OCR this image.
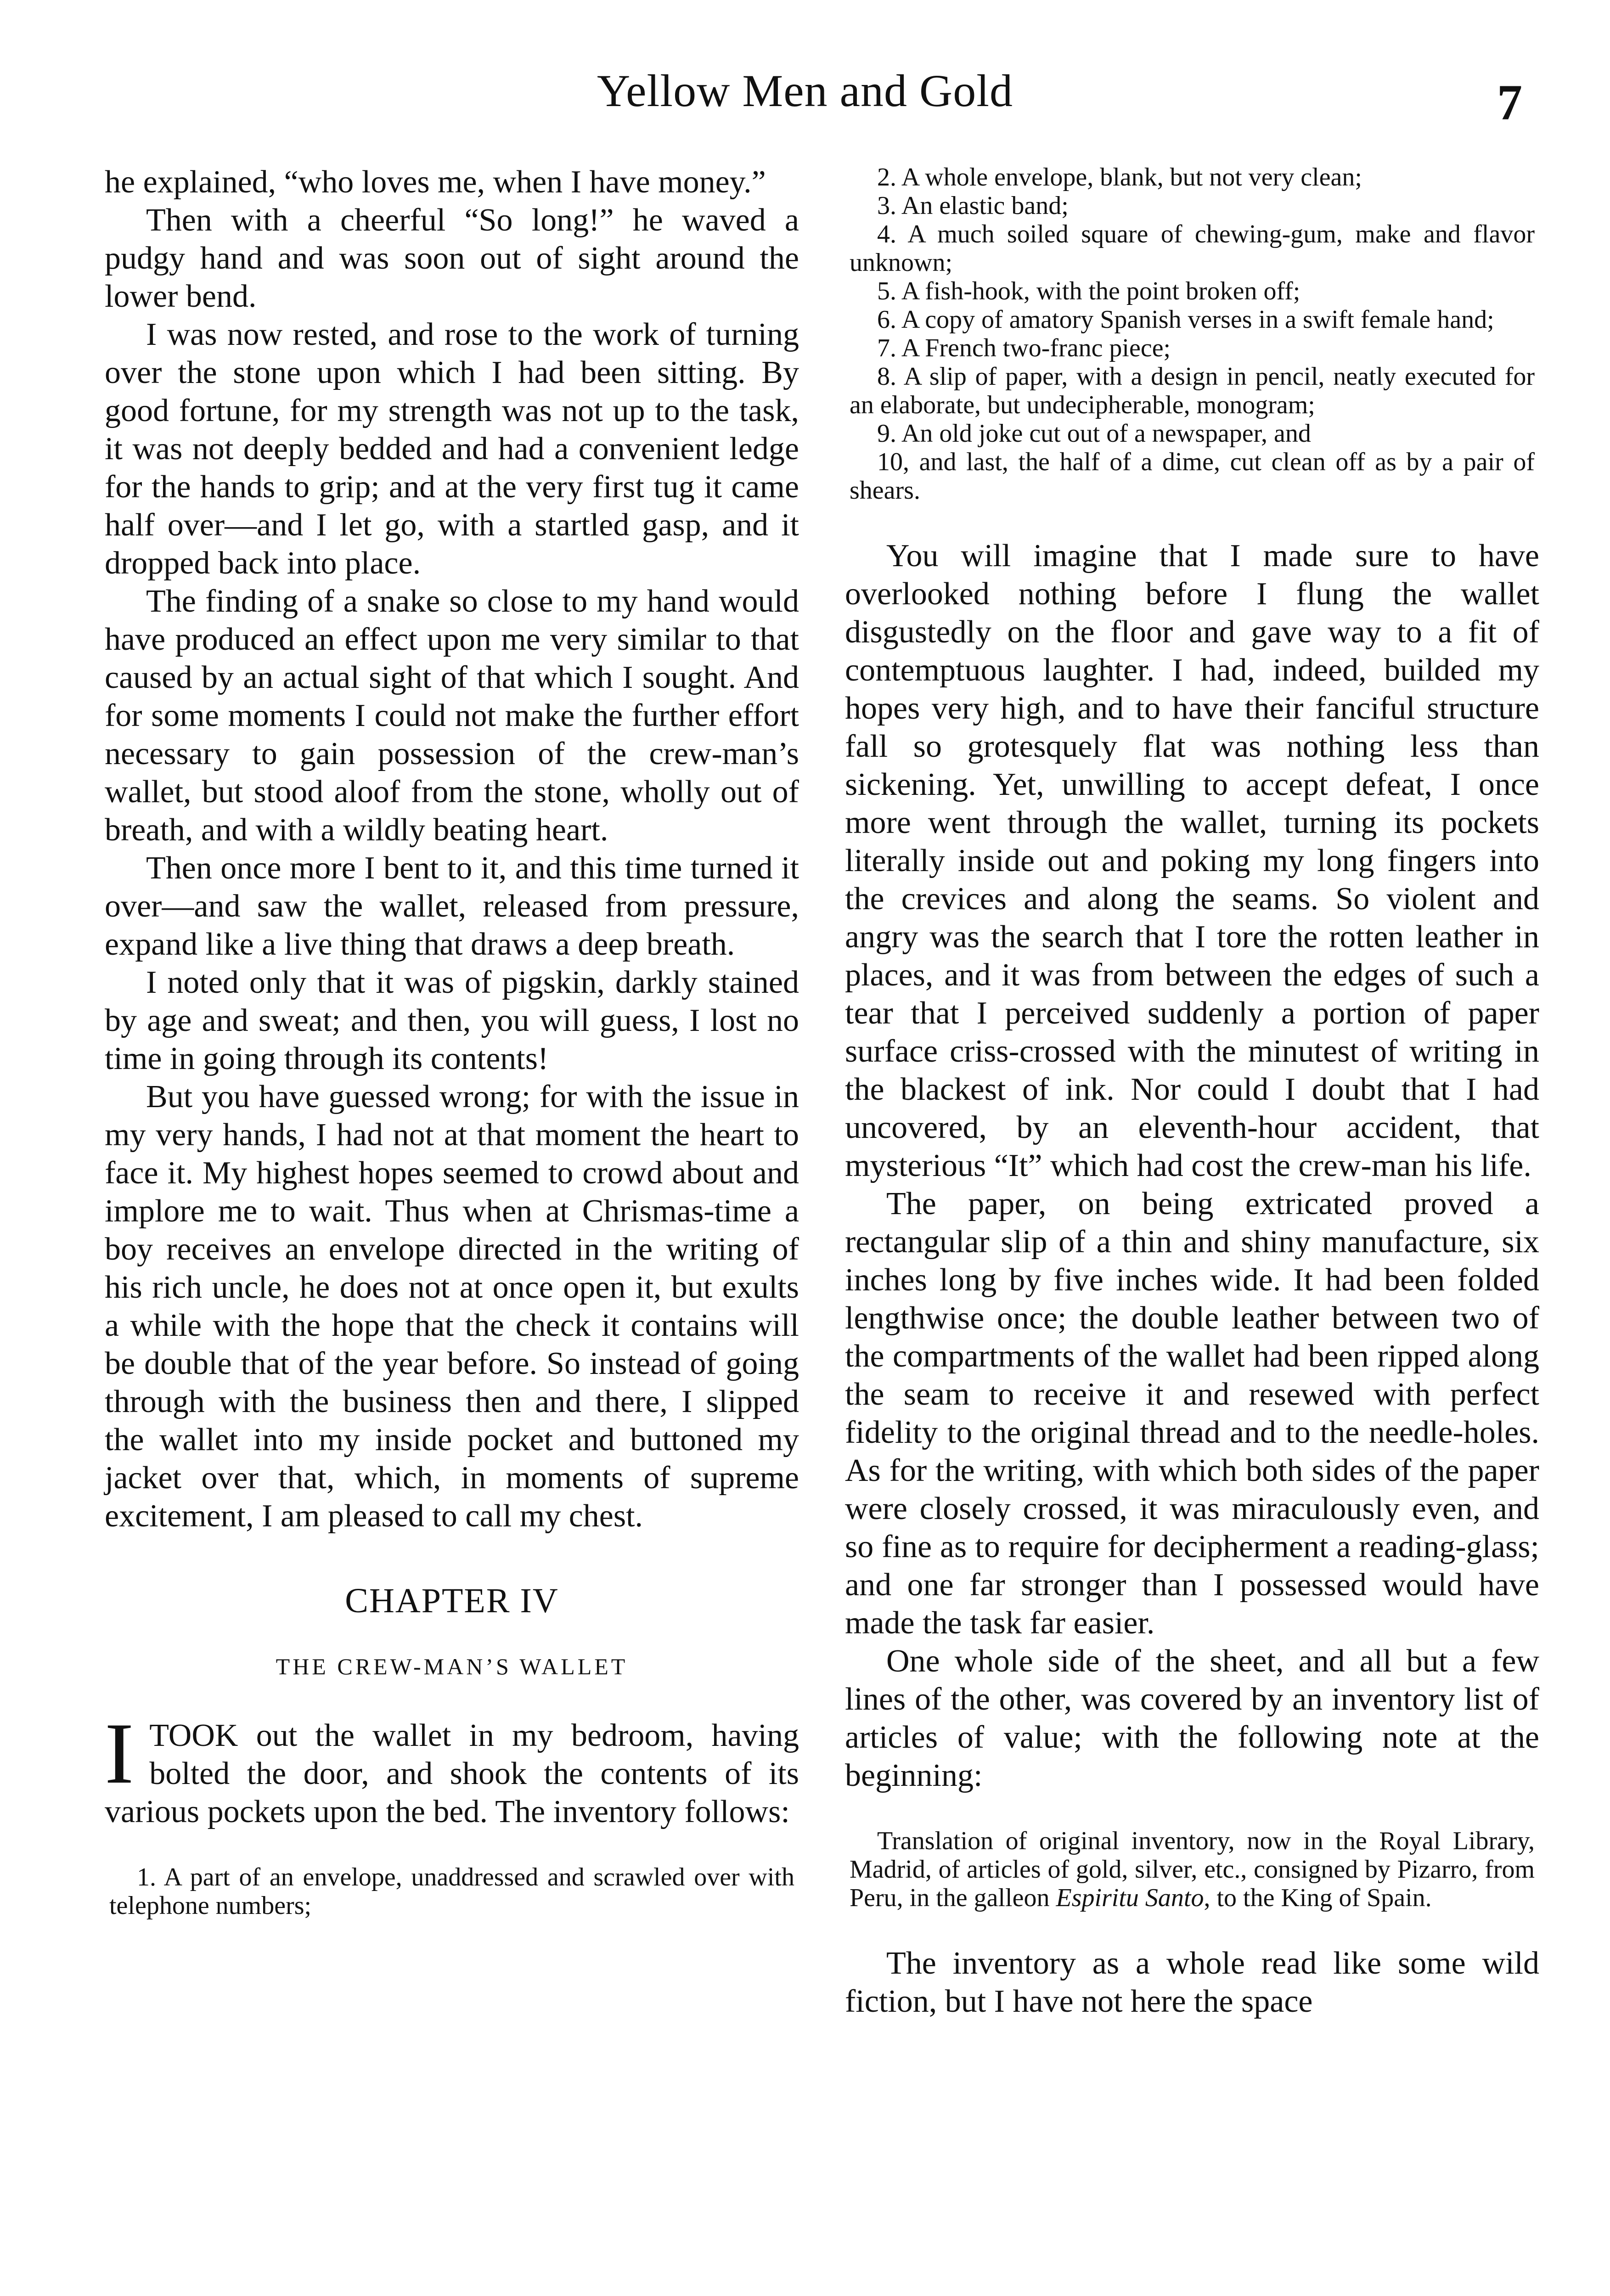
Yellow Men and Gold	7

he explained, “who loves me, when I have money.”

Then with a cheerful “So long!” he waved a pudgy hand and was soon out of sight around the lower bend.

I was now rested, and rose to the work of turning over the stone upon which I had been sitting. By good fortune, for my strength was not up to the task, it was not deeply bedded and had a convenient ledge for the hands to grip; and at the very first tug it came half over—and I let go, with a startled gasp, and it dropped back into place.

The finding of a snake so close to my hand would have produced an effect upon me very similar to that caused by an actual sight of that which I sought. And for some moments I could not make the further effort necessary to gain possession of the crew-man’s wallet, but stood aloof from the stone, wholly out of breath, and with a wildly beating heart.

Then once more I bent to it, and this time turned it over—and saw the wallet, released from pressure, expand like a live thing that draws a deep breath.

I noted only that it was of pigskin, darkly stained by age and sweat; and then, you will guess, I lost no time in going through its contents!

But you have guessed wrong; for with the issue in my very hands, I had not at that moment the heart to face it. My highest hopes seemed to crowd about and implore me to wait. Thus when at Chrismas-time a boy receives an envelope directed in the writing of his rich uncle, he does not at once open it, but exults a while with the hope that the check it contains will be double that of the year before. So instead of going through with the business then and there, I slipped the wallet into my inside pocket and buttoned my jacket over that, which, in moments of supreme excitement, I am pleased to call my chest.

CHAPTER IV
THE CREW-MAN’S WALLET

ITOOK out the wallet in my bedroom, having bolted the door, and shook the contents of its various pockets upon the bed. The inventory follows:

1. A part of an envelope, unaddressed and scrawled over with telephone numbers;

2. A whole envelope, blank, but not very clean;

3. An elastic band;

4. A much soiled square of chewing-gum, make and flavor unknown;

5. A fish-hook, with the point broken off;

6. A copy of amatory Spanish verses in a swift female hand;

7. A French two-franc piece;

8. A slip of paper, with a design in pencil, neatly executed for an elaborate, but undecipherable, monogram;

9. An old joke cut out of a newspaper, and

10, and last, the half of a dime, cut clean off as by a pair of shears.

You will imagine that I made sure to have overlooked nothing before I flung the wallet disgustedly on the floor and gave way to a fit of contemptuous laughter. I had, indeed, builded my hopes very high, and to have their fanciful structure fall so grotesquely flat was nothing less than sickening. Yet, unwilling to accept defeat, I once more went through the wallet, turning its pockets literally inside out and poking my long fingers into the crevices and along the seams. So violent and angry was the search that I tore the rotten leather in places, and it was from between the edges of such a tear that I perceived suddenly a portion of paper surface criss-crossed with the minutest of writing in the blackest of ink. Nor could I doubt that I had uncovered, by an eleventh-hour accident, that mysterious “It” which had cost the crew-man his life.

The paper, on being extricated proved a rectangular slip of a thin and shiny manufacture, six inches long by five inches wide. It had been folded lengthwise once; the double leather between two of the compartments of the wallet had been ripped along the seam to receive it and resewed with perfect fidelity to the original thread and to the needle-holes. As for the writing, with which both sides of the paper were closely crossed, it was miraculously even, and so fine as to require for decipherment a reading-glass; and one far stronger than I possessed would have made the task far easier.

One whole side of the sheet, and all but a few lines of the other, was covered by an inventory list of articles of value; with the following note at the beginning:

Translation of original inventory, now in the Royal Library, Madrid, of articles of gold, silver, etc., consigned by Pizarro, from Peru, in the galleon Espiritu Santo, to the King of Spain.

The inventory as a whole read like some wild fiction, but I have not here the space
